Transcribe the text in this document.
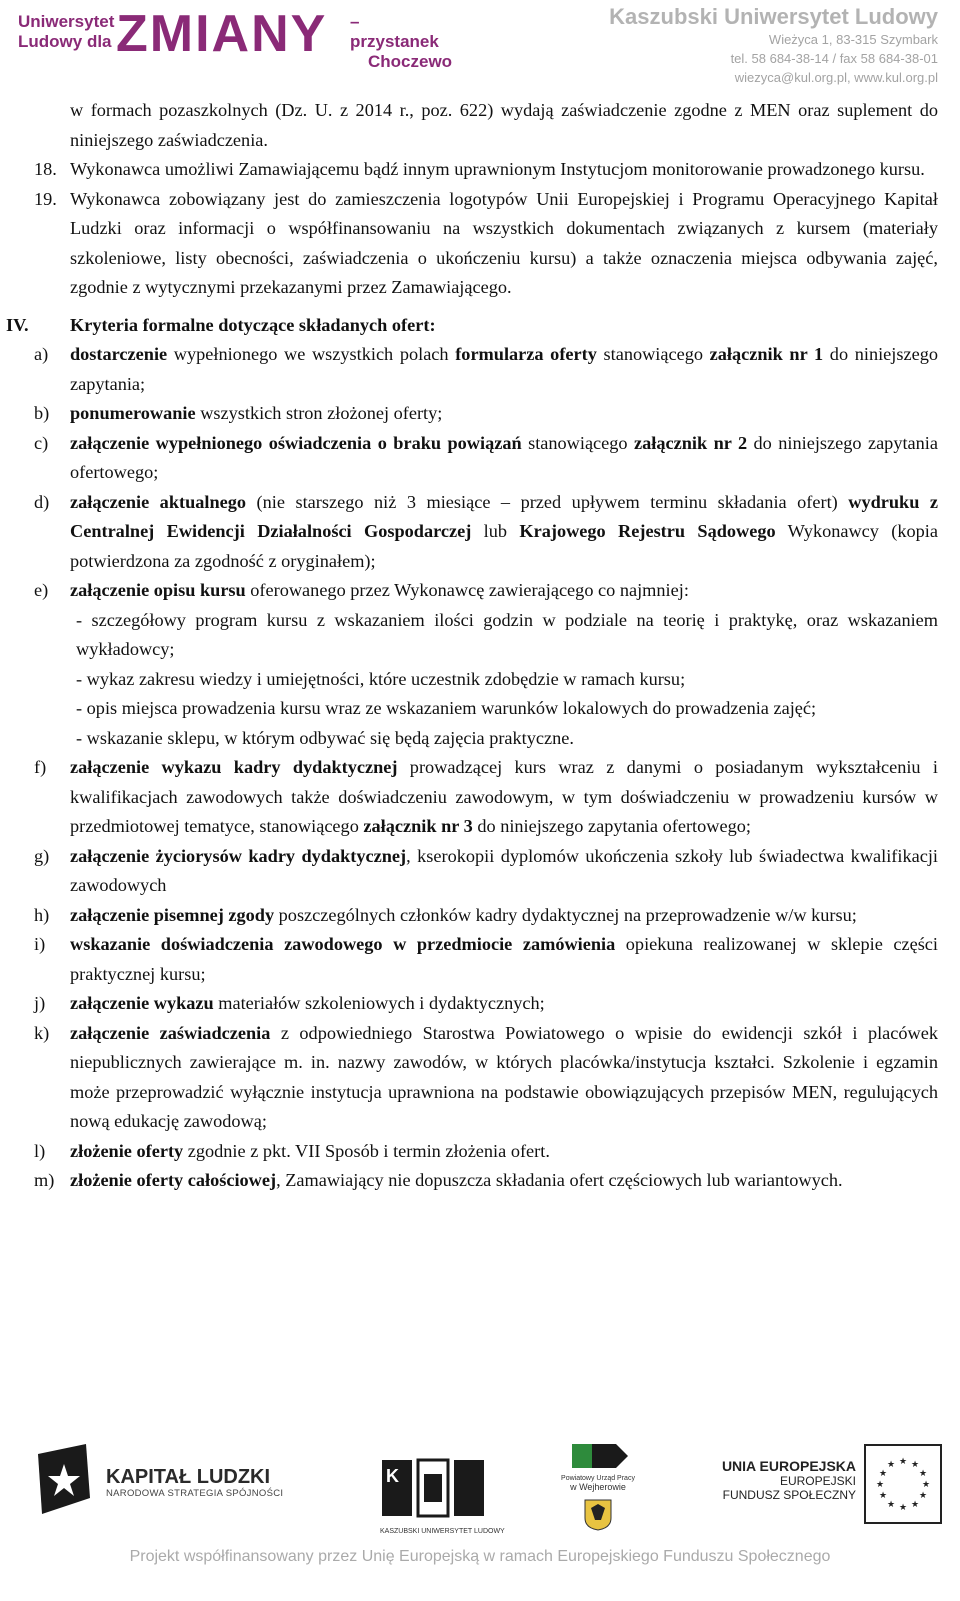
Uniwersytet
Ludowy dla ZMIANY – przystanek
Choczewo
Kaszubski Uniwersytet Ludowy
Wieżyca 1, 83-315 Szymbark
tel. 58 684-38-14 / fax 58 684-38-01
wiezyca@kul.org.pl, www.kul.org.pl
w formach pozaszkolnych (Dz. U. z 2014 r., poz. 622) wydają zaświadczenie zgodne z MEN oraz suplement do niniejszego zaświadczenia.
18. Wykonawca umożliwi Zamawiającemu bądź innym uprawnionym Instytucjom monitorowanie prowadzonego kursu.
19. Wykonawca zobowiązany jest do zamieszczenia logotypów Unii Europejskiej i Programu Operacyjnego Kapitał Ludzki oraz informacji o współfinansowaniu na wszystkich dokumentach związanych z kursem (materiały szkoleniowe, listy obecności, zaświadczenia o ukończeniu kursu) a także oznaczenia miejsca odbywania zajęć, zgodnie z wytycznymi przekazanymi przez Zamawiającego.
IV. Kryteria formalne dotyczące składanych ofert:
a) dostarczenie wypełnionego we wszystkich polach formularza oferty stanowiącego załącznik nr 1 do niniejszego zapytania;
b) ponumerowanie wszystkich stron złożonej oferty;
c) załączenie wypełnionego oświadczenia o braku powiązań stanowiącego załącznik nr 2 do niniejszego zapytania ofertowego;
d) załączenie aktualnego (nie starszego niż 3 miesiące – przed upływem terminu składania ofert) wydruku z Centralnej Ewidencji Działalności Gospodarczej lub Krajowego Rejestru Sądowego Wykonawcy (kopia potwierdzona za zgodność z oryginałem);
e) załączenie opisu kursu oferowanego przez Wykonawcę zawierającego co najmniej:
- szczegółowy program kursu z wskazaniem ilości godzin w podziale na teorię i praktykę, oraz wskazaniem wykładowcy;
- wykaz zakresu wiedzy i umiejętności, które uczestnik zdobędzie w ramach kursu;
- opis miejsca prowadzenia kursu wraz ze wskazaniem warunków lokalowych do prowadzenia zajęć;
- wskazanie sklepu, w którym odbywać się będą zajęcia praktyczne.
f) załączenie wykazu kadry dydaktycznej prowadzącej kurs wraz z danymi o posiadanym wykształceniu i kwalifikacjach zawodowych także doświadczeniu zawodowym, w tym doświadczeniu w prowadzeniu kursów w przedmiotowej tematyce, stanowiącego załącznik nr 3 do niniejszego zapytania ofertowego;
g) załączenie życiorysów kadry dydaktycznej, kserokopii dyplomów ukończenia szkoły lub świadectwa kwalifikacji zawodowych
h) załączenie pisemnej zgody poszczególnych członków kadry dydaktycznej na przeprowadzenie w/w kursu;
i) wskazanie doświadczenia zawodowego w przedmiocie zamówienia opiekuna realizowanej w sklepie części praktycznej kursu;
j) załączenie wykazu materiałów szkoleniowych i dydaktycznych;
k) załączenie zaświadczenia z odpowiedniego Starostwa Powiatowego o wpisie do ewidencji szkół i placówek niepublicznych zawierające m. in. nazwy zawodów, w których placówka/instytucja kształci. Szkolenie i egzamin może przeprowadzić wyłącznie instytucja uprawniona na podstawie obowiązujących przepisów MEN, regulujących nową edukację zawodową;
l) złożenie oferty zgodnie z pkt. VII Sposób i termin złożenia ofert.
m) złożenie oferty całościowej, Zamawiający nie dopuszcza składania ofert częściowych lub wariantowych.
KAPITAŁ LUDZKI
NARODOWA STRATEGIA SPÓJNOŚCI
K
KASZUBSKI UNIWERSYTET LUDOWY
Powiatowy Urząd Pracy
w Wejherowie
UNIA EUROPEJSKA
EUROPEJSKI
FUNDUSZ SPOŁECZNY
★ ★
★
★
★
★
★
★
★
★
★
★
Projekt współfinansowany przez Unię Europejską w ramach Europejskiego Funduszu Społecznego
